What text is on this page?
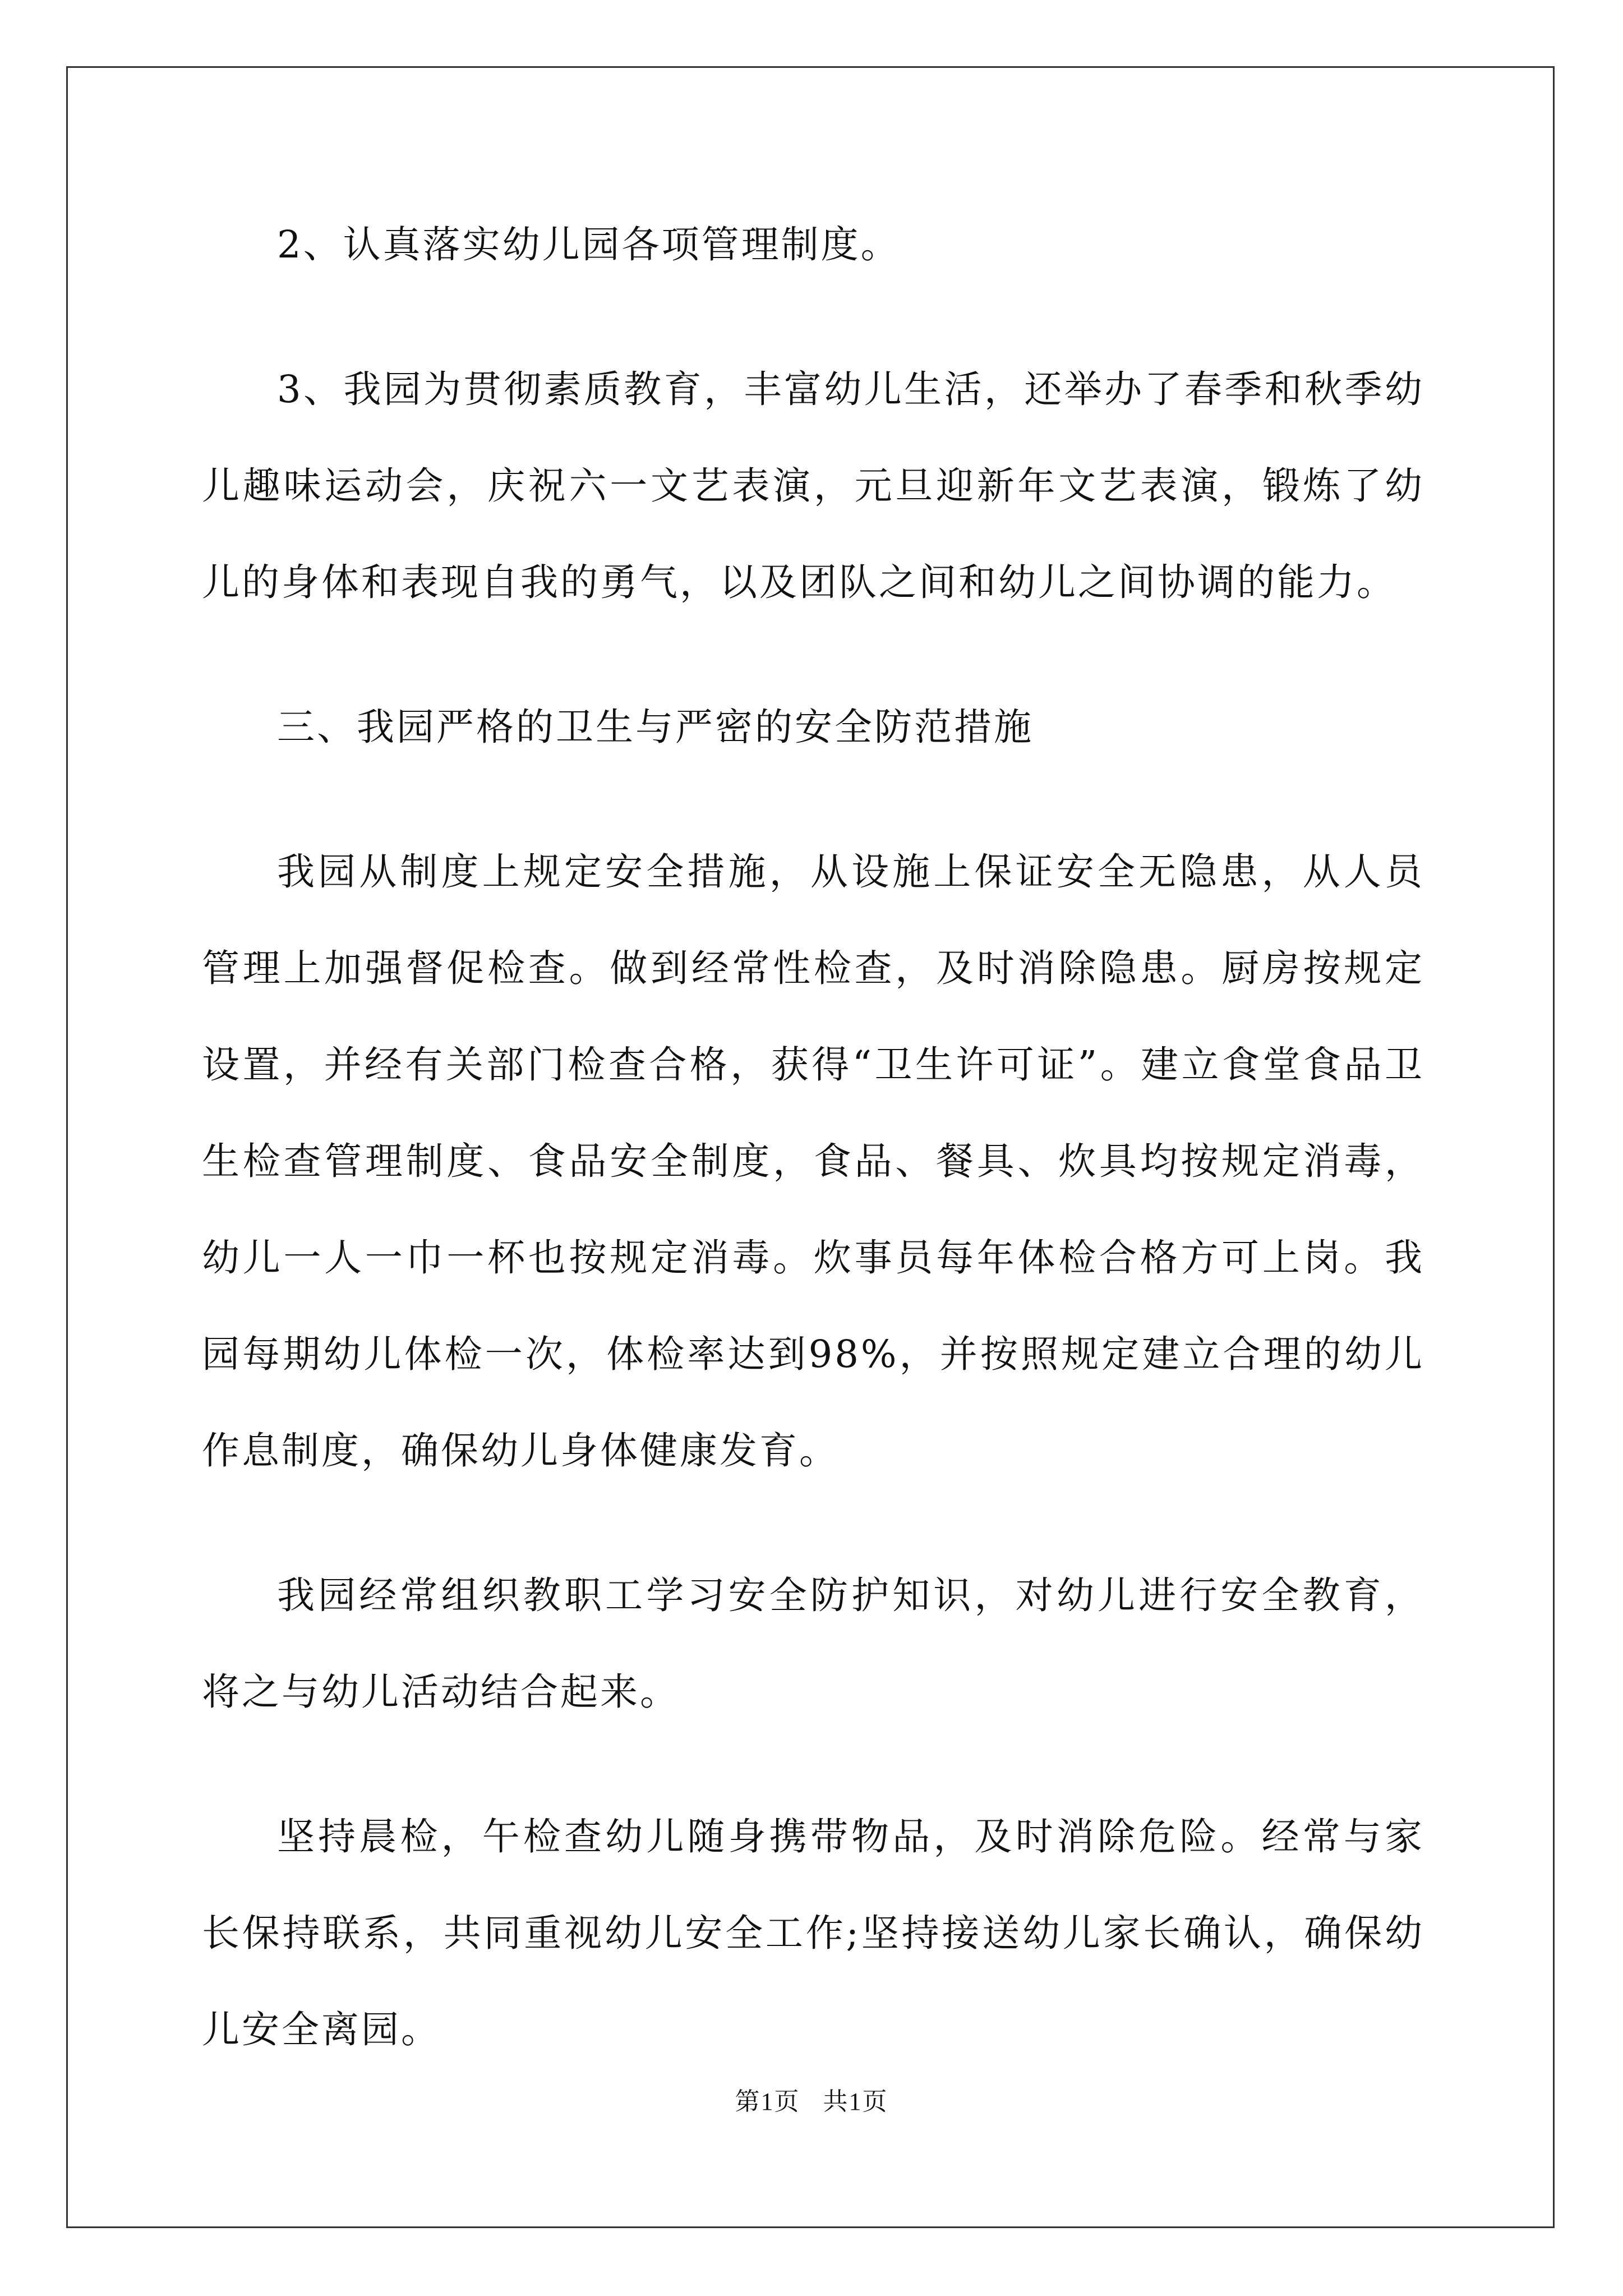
2、认真落实幼儿园各项管理制度。

3、我园为贯彻素质教育，丰富幼儿生活，还举办了春季和秋季幼儿趣味运动会，庆祝六一文艺表演，元旦迎新年文艺表演，锻炼了幼儿的身体和表现自我的勇气，以及团队之间和幼儿之间协调的能力。

三、我园严格的卫生与严密的安全防范措施

我园从制度上规定安全措施，从设施上保证安全无隐患，从人员管理上加强督促检查。做到经常性检查，及时消除隐患。厨房按规定设置，并经有关部门检查合格，获得“卫生许可证”。建立食堂食品卫生检查管理制度、食品安全制度，食品、餐具、炊具均按规定消毒，幼儿一人一巾一杯也按规定消毒。炊事员每年体检合格方可上岗。我园每期幼儿体检一次，体检率达到98%，并按照规定建立合理的幼儿作息制度，确保幼儿身体健康发育。

我园经常组织教职工学习安全防护知识，对幼儿进行安全教育，将之与幼儿活动结合起来。

坚持晨检，午检查幼儿随身携带物品，及时消除危险。经常与家长保持联系，共同重视幼儿安全工作;坚持接送幼儿家长确认，确保幼儿安全离园。

第1页 共1页
